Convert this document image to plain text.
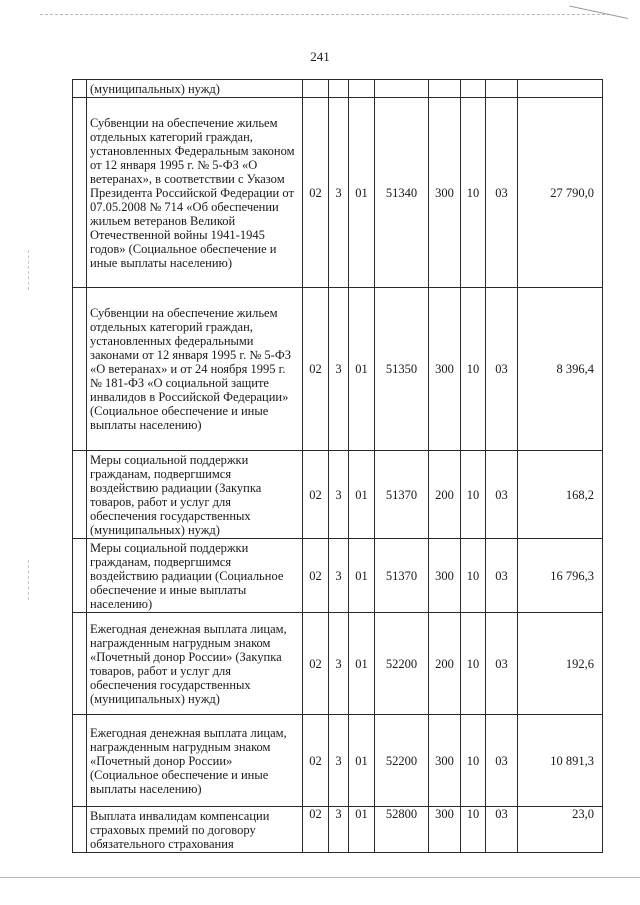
241
	(муниципальных) нужд)								
	Субвенции на обеспечение жильем отдельных категорий граждан, установленных Федеральным законом от 12 января 1995 г. № 5-ФЗ «О ветеранах», в соответствии с Указом Президента Российской Федерации от 07.05.2008 № 714 «Об обеспечении жильем ветеранов Великой Отечественной войны 1941-1945 годов» (Социальное обеспечение и иные выплаты населению)	02	3	01	51340	300	10	03	27 790,0
	Субвенции на обеспечение жильем отдельных категорий граждан, установленных федеральными законами от 12 января 1995 г. № 5-ФЗ «О ветеранах» и от 24 ноября 1995 г. № 181-ФЗ «О социальной защите инвалидов в Российской Федерации» (Социальное обеспечение и иные выплаты населению)	02	3	01	51350	300	10	03	8 396,4
	Меры социальной поддержки гражданам, подвергшимся воздействию радиации (Закупка товаров, работ и услуг для обеспечения государственных (муниципальных) нужд)	02	3	01	51370	200	10	03	168,2
	Меры социальной поддержки гражданам, подвергшимся воздействию радиации (Социальное обеспечение и иные выплаты населению)	02	3	01	51370	300	10	03	16 796,3
	Ежегодная денежная выплата лицам, награжденным нагрудным знаком «Почетный донор России» (Закупка товаров, работ и услуг для обеспечения государственных (муниципальных) нужд)	02	3	01	52200	200	10	03	192,6
	Ежегодная денежная выплата лицам, награжденным нагрудным знаком «Почетный донор России» (Социальное обеспечение и иные выплаты населению)	02	3	01	52200	300	10	03	10 891,3
	Выплата инвалидам компенсации страховых премий по договору обязательного страхования	02	3	01	52800	300	10	03	23,0
